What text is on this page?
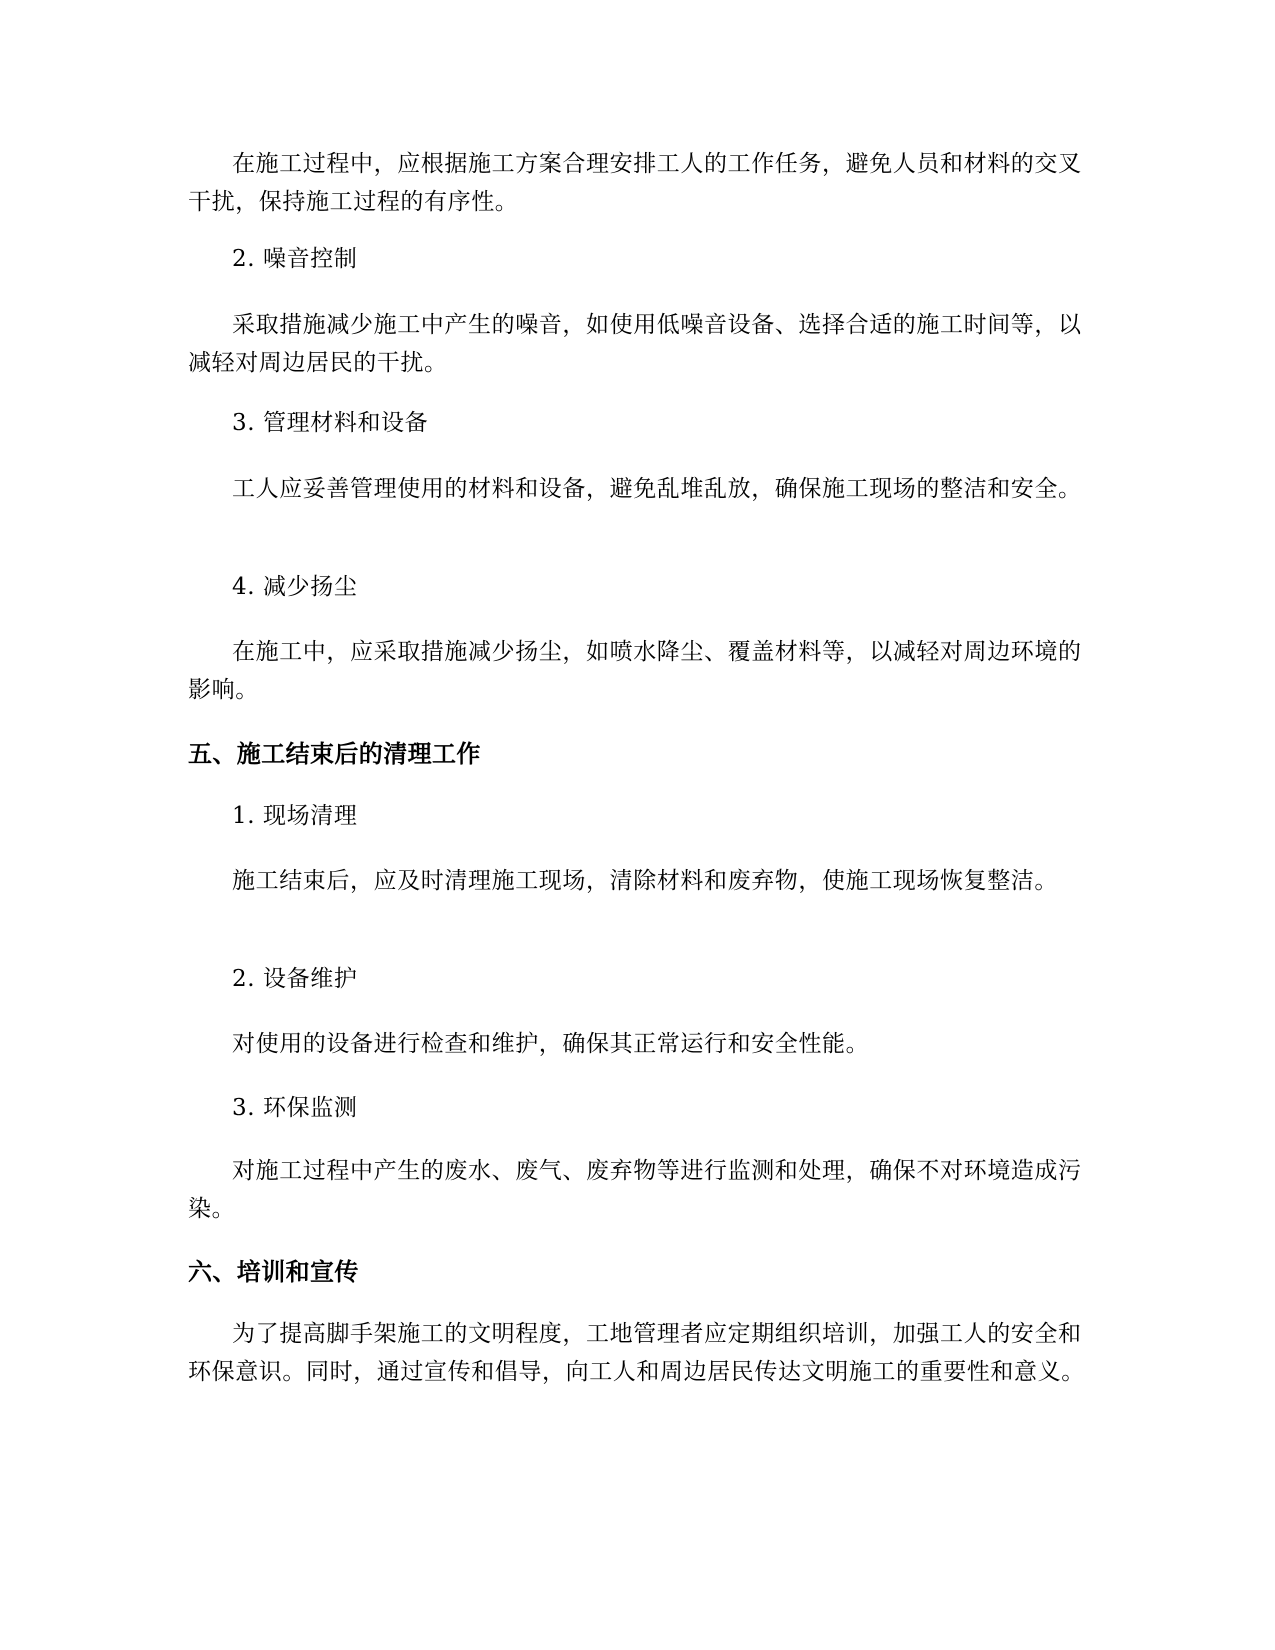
在施工过程中，应根据施工方案合理安排工人的工作任务，避免人员和材料的交叉干扰，保持施工过程的有序性。

2. 噪音控制

采取措施减少施工中产生的噪音，如使用低噪音设备、选择合适的施工时间等，以减轻对周边居民的干扰。

3. 管理材料和设备

工人应妥善管理使用的材料和设备，避免乱堆乱放，确保施工现场的整洁和安全。

4. 减少扬尘

在施工中，应采取措施减少扬尘，如喷水降尘、覆盖材料等，以减轻对周边环境的影响。

五、施工结束后的清理工作

1. 现场清理

施工结束后，应及时清理施工现场，清除材料和废弃物，使施工现场恢复整洁。

2. 设备维护

对使用的设备进行检查和维护，确保其正常运行和安全性能。

3. 环保监测

对施工过程中产生的废水、废气、废弃物等进行监测和处理，确保不对环境造成污染。

六、培训和宣传

为了提高脚手架施工的文明程度，工地管理者应定期组织培训，加强工人的安全和环保意识。同时，通过宣传和倡导，向工人和周边居民传达文明施工的重要性和意义。
